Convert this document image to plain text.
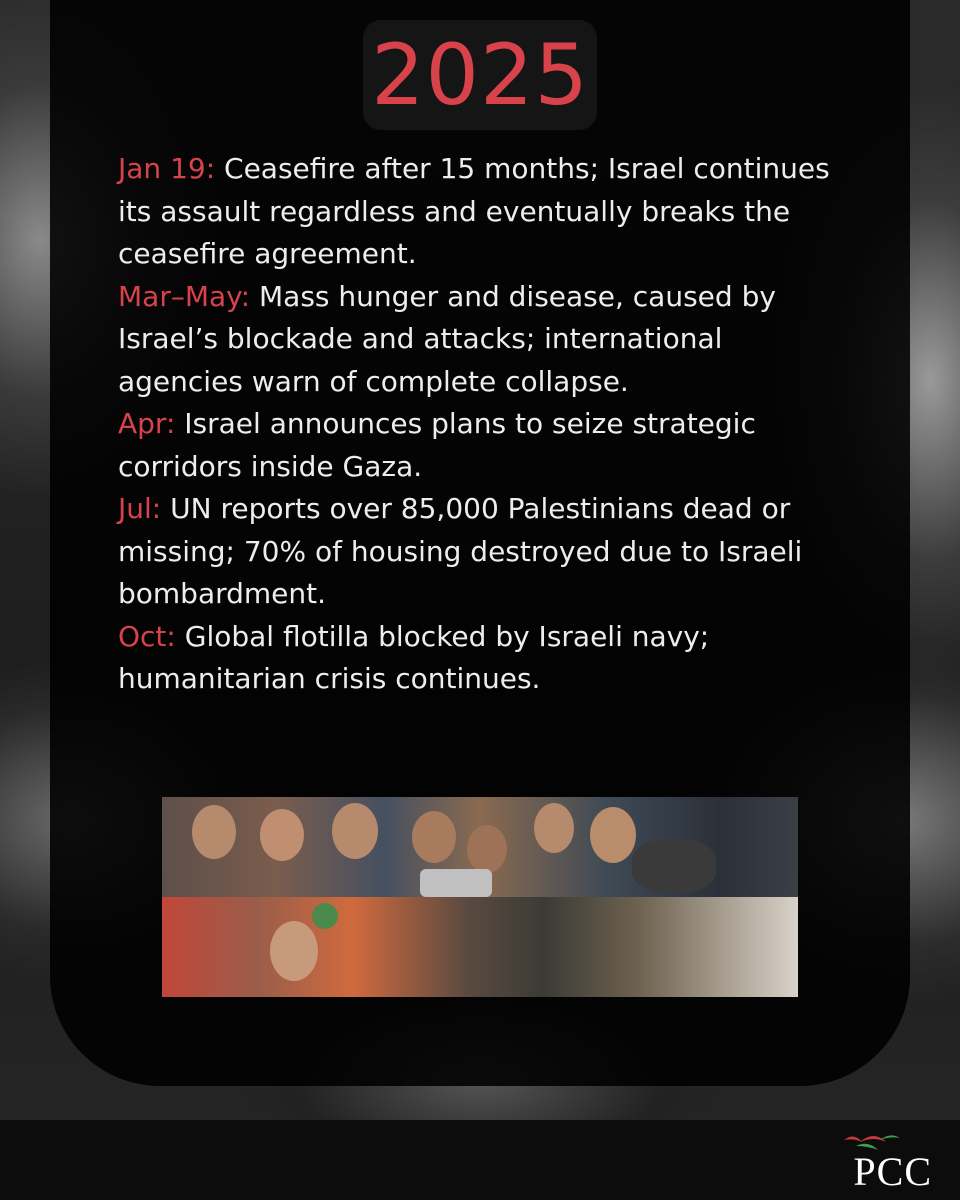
2025
Jan 19: Ceasefire after 15 months; Israel continues its assault regardless and eventually breaks the ceasefire agreement.
Mar–May: Mass hunger and disease, caused by Israel’s blockade and attacks; international agencies warn of complete collapse.
Apr: Israel announces plans to seize strategic corridors inside Gaza.
Jul: UN reports over 85,000 Palestinians dead or missing; 70% of housing destroyed due to Israeli bombardment.
Oct: Global flotilla blocked by Israeli navy; humanitarian crisis continues.
PCC
